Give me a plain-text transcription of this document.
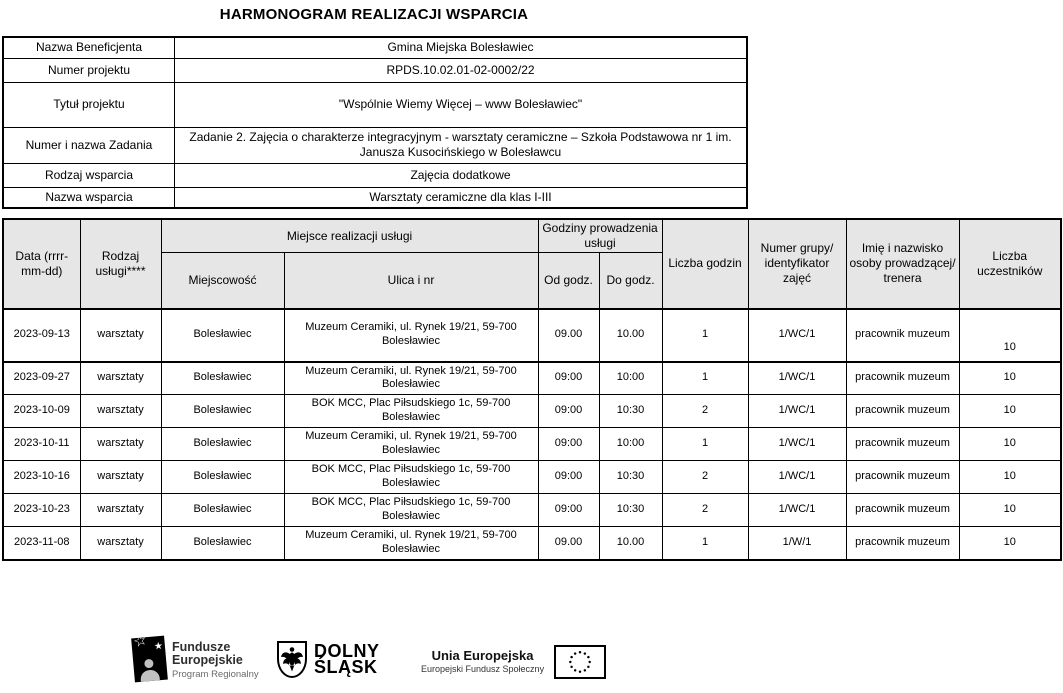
HARMONOGRAM REALIZACJI WSPARCIA
Nazwa Beneficjenta	Gmina Miejska Bolesławiec
Numer projektu	RPDS.10.02.01-02-0002/22
Tytuł projektu	"Wspólnie Wiemy Więcej – www Bolesławiec"
Numer i nazwa Zadania	Zadanie 2. Zajęcia o charakterze integracyjnym - warsztaty ceramiczne – Szkoła Podstawowa nr 1 im. Janusza Kusocińskiego w Bolesławcu
Rodzaj wsparcia	Zajęcia dodatkowe
Nazwa wsparcia	Warsztaty ceramiczne dla klas I-III
Data (rrrr-mm-dd)	Rodzaj usługi****	Miejsce realizacji usługi		Godziny prowadzenia usługi		Liczba godzin	Numer grupy/ identyfikator zajęć	Imię i nazwisko osoby prowadzącej/ trenera	Liczba uczestników
		Miejscowość	Ulica i nr	Od godz.	Do godz.				
2023-09-13	warsztaty	Bolesławiec	Muzeum Ceramiki, ul. Rynek 19/21, 59-700 Bolesławiec	09.00	10.00	1	1/WC/1	pracownik muzeum	10
2023-09-27	warsztaty	Bolesławiec	Muzeum Ceramiki, ul. Rynek 19/21, 59-700 Bolesławiec	09:00	10:00	1	1/WC/1	pracownik muzeum	10
2023-10-09	warsztaty	Bolesławiec	BOK MCC, Plac Piłsudskiego 1c, 59-700 Bolesławiec	09:00	10:30	2	1/WC/1	pracownik muzeum	10
2023-10-11	warsztaty	Bolesławiec	Muzeum Ceramiki, ul. Rynek 19/21, 59-700 Bolesławiec	09:00	10:00	1	1/WC/1	pracownik muzeum	10
2023-10-16	warsztaty	Bolesławiec	BOK MCC, Plac Piłsudskiego 1c, 59-700 Bolesławiec	09:00	10:30	2	1/WC/1	pracownik muzeum	10
2023-10-23	warsztaty	Bolesławiec	BOK MCC, Plac Piłsudskiego 1c, 59-700 Bolesławiec	09:00	10:30	2	1/WC/1	pracownik muzeum	10
2023-11-08	warsztaty	Bolesławiec	Muzeum Ceramiki, ul. Rynek 19/21, 59-700 Bolesławiec	09.00	10.00	1	1/W/1	pracownik muzeum	10
☆ ★ Fundusze
Europejskie
Program Regionalny
DOLNY
ŚLĄSK
Unia Europejska
Europejski Fundusz Społeczny
